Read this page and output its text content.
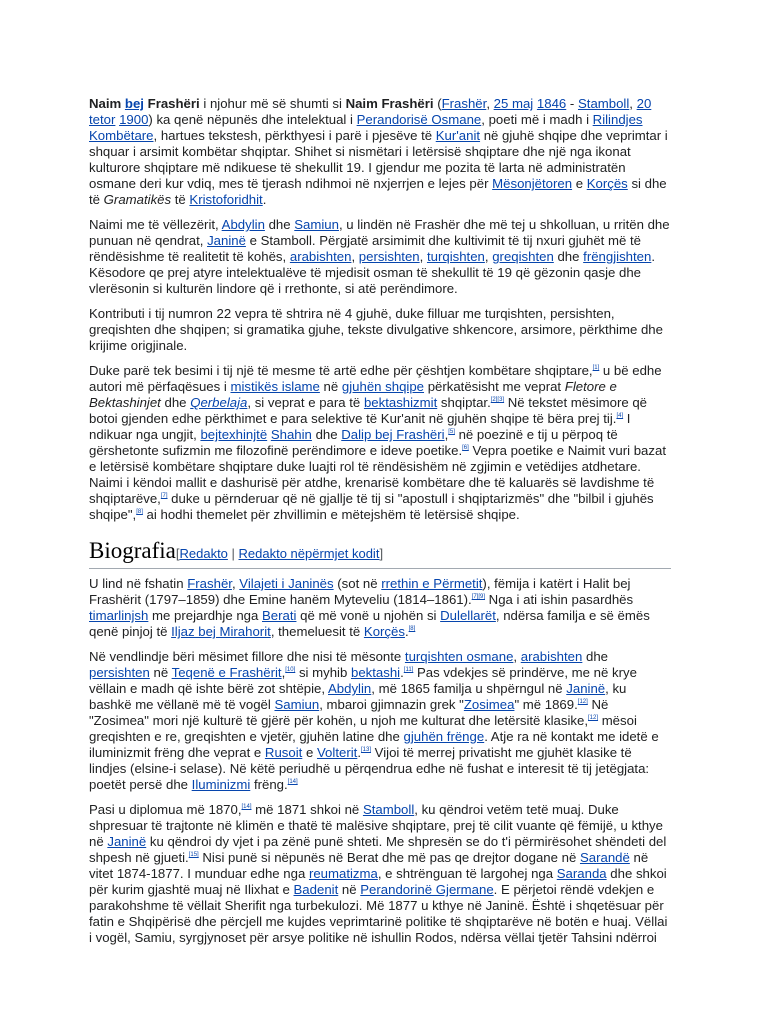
Naim bej Frashëri i njohur më së shumti si Naim Frashëri (Frashër, 25 maj 1846 - Stamboll, 20 tetor 1900) ka qenë nëpunës dhe intelektual i Perandorisë Osmane, poeti më i madh i Rilindjes Kombëtare, hartues tekstesh, përkthyesi i parë i pjesëve të Kur'anit në gjuhë shqipe dhe veprimtar i shquar i arsimit kombëtar shqiptar. Shihet si nismëtari i letërsisë shqiptare dhe një nga ikonat kulturore shqiptare më ndikuese të shekullit 19. I gjendur me pozita të larta në administratën osmane deri kur vdiq, mes të tjerash ndihmoi në nxjerrjen e lejes për Mësonjëtoren e Korçës si dhe të Gramatikës të Kristoforidhit.

Naimi me të vëllezërit, Abdylin dhe Samiun, u lindën në Frashër dhe më tej u shkolluan, u rritën dhe punuan në qendrat, Janinë e Stamboll. Përgjatë arsimimit dhe kultivimit të tij nxuri gjuhët më të rëndësishme të realitetit të kohës, arabishten, persishten, turqishten, greqishten dhe frëngjishten. Kësodore qe prej atyre intelektualëve të mjedisit osman të shekullit të 19 që gëzonin qasje dhe vlerësonin si kulturën lindore që i rrethonte, si atë perëndimore.

Kontributi i tij numron 22 vepra të shtrira në 4 gjuhë, duke filluar me turqishten, persishten, greqishten dhe shqipen; si gramatika gjuhe, tekste divulgative shkencore, arsimore, përkthime dhe krijime origjinale.

Duke parë tek besimi i tij një të mesme të artë edhe për çështjen kombëtare shqiptare,[1] u bë edhe autori më përfaqësues i mistikës islame në gjuhën shqipe përkatësisht me veprat Fletore e Bektashinjet dhe Qerbelaja, si veprat e para të bektashizmit shqiptar.[2][3] Në tekstet mësimore që botoi gjenden edhe përkthimet e para selektive të Kur'anit në gjuhën shqipe të bëra prej tij.[4] I ndikuar nga ungjit, bejtexhinjtë Shahin dhe Dalip bej Frashëri,[5] në poezinë e tij u përpoq të gërshetonte sufizmin me filozofinë perëndimore e ideve poetike.[6] Vepra poetike e Naimit vuri bazat e letërsisë kombëtare shqiptare duke luajti rol të rëndësishëm në zgjimin e vetëdijes atdhetare. Naimi i këndoi mallit e dashurisë për atdhe, krenarisë kombëtare dhe të kaluarës së lavdishme të shqiptarëve,[7] duke u përnderuar që në gjallje të tij si "apostull i shqiptarizmës" dhe "bilbil i gjuhës shqipe",[8] ai hodhi themelet për zhvillimin e mëtejshëm të letërsisë shqipe.

Biografia[Redakto | Redakto nëpërmjet kodit]

U lind në fshatin Frashër, Vilajeti i Janinës (sot në rrethin e Përmetit), fëmija i katërt i Halit bej Frashërit (1797–1859) dhe Emine hanëm Myteveliu (1814–1861).[7][9] Nga i ati ishin pasardhës timarlinjsh me prejardhje nga Berati që më vonë u njohën si Dulellarët, ndërsa familja e së ëmës qenë pinjoj të Iljaz bej Mirahorit, themeluesit të Korçës.[8]

Në vendlindje bëri mësimet fillore dhe nisi të mësonte turqishten osmane, arabishten dhe persishten në Teqenë e Frashërit,[10] si myhib bektashi.[11] Pas vdekjes së prindërve, me në krye vëllain e madh që ishte bërë zot shtëpie, Abdylin, më 1865 familja u shpërngul në Janinë, ku bashkë me vëllanë më të vogël Samiun, mbaroi gjimnazin grek "Zosimea" më 1869.[12] Në "Zosimea" mori një kulturë të gjërë për kohën, u njoh me kulturat dhe letërsitë klasike,[12] mësoi greqishten e re, greqishten e vjetër, gjuhën latine dhe gjuhën frënge. Atje ra në kontakt me idetë e iluminizmit frëng dhe veprat e Rusoit e Volterit.[13] Vijoi të merrej privatisht me gjuhët klasike të lindjes (elsine-i selase). Në këtë periudhë u përqendrua edhe në fushat e interesit të tij jetëgjata: poetët persë dhe Iluminizmi frëng.[14]

Pasi u diplomua më 1870,[14] më 1871 shkoi në Stamboll, ku qëndroi vetëm tetë muaj. Duke shpresuar të trajtonte në klimën e thatë të malësive shqiptare, prej të cilit vuante që fëmijë, u kthye në Janinë ku qëndroi dy vjet i pa zënë punë shteti. Me shpresën se do t'i përmirësohet shëndeti del shpesh në gjueti.[15] Nisi punë si nëpunës në Berat dhe më pas qe drejtor dogane në Sarandë në vitet 1874-1877. I munduar edhe nga reumatizma, e shtrënguan të largohej nga Saranda dhe shkoi për kurim gjashtë muaj në Ilixhat e Badenit në Perandorinë Gjermane. E përjetoi rëndë vdekjen e parakohshme të vëllait Sherifit nga turbekulozi. Më 1877 u kthye në Janinë. Është i shqetësuar për fatin e Shqipërisë dhe përcjell me kujdes veprimtarinë politike të shqiptarëve në botën e huaj. Vëllai i vogël, Samiu, syrgjynoset për arsye politike në ishullin Rodos, ndërsa vëllai tjetër Tahsini ndërroi
